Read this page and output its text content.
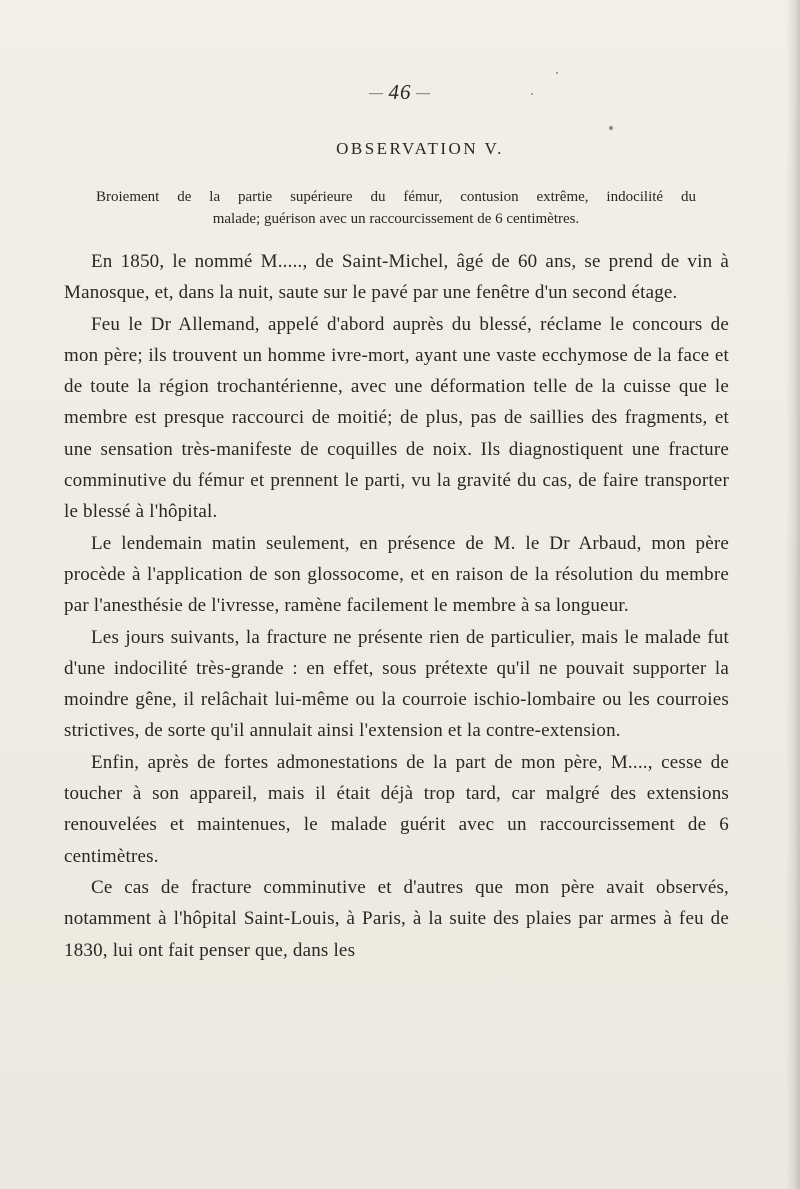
— 46 —
OBSERVATION V.
Broiement de la partie supérieure du fémur, contusion extrême, indocilité du
malade; guérison avec un raccourcissement de 6 centimètres.

En 1850, le nommé M....., de Saint-Michel, âgé de 60 ans, se prend de vin à Manosque, et, dans la nuit, saute sur le pavé par une fenêtre d'un second étage.

Feu le Dr Allemand, appelé d'abord auprès du blessé, réclame le concours de mon père; ils trouvent un homme ivre-mort, ayant une vaste ecchymose de la face et de toute la région trochantérienne, avec une déformation telle de la cuisse que le membre est presque raccourci de moitié; de plus, pas de saillies des fragments, et une sensation très-manifeste de coquilles de noix. Ils diagnostiquent une fracture comminutive du fémur et prennent le parti, vu la gravité du cas, de faire transporter le blessé à l'hôpital.

Le lendemain matin seulement, en présence de M. le Dr Arbaud, mon père procède à l'application de son glossocome, et en raison de la résolution du membre par l'anesthésie de l'ivresse, ramène facilement le membre à sa longueur.

Les jours suivants, la fracture ne présente rien de particulier, mais le malade fut d'une indocilité très-grande : en effet, sous prétexte qu'il ne pouvait supporter la moindre gêne, il relâchait lui-même ou la courroie ischio-lombaire ou les courroies strictives, de sorte qu'il annulait ainsi l'extension et la contre-extension.

Enfin, après de fortes admonestations de la part de mon père, M...., cesse de toucher à son appareil, mais il était déjà trop tard, car malgré des extensions renouvelées et maintenues, le malade guérit avec un raccourcissement de 6 centimètres.

Ce cas de fracture comminutive et d'autres que mon père avait observés, notamment à l'hôpital Saint-Louis, à Paris, à la suite des plaies par armes à feu de 1830, lui ont fait penser que, dans les
